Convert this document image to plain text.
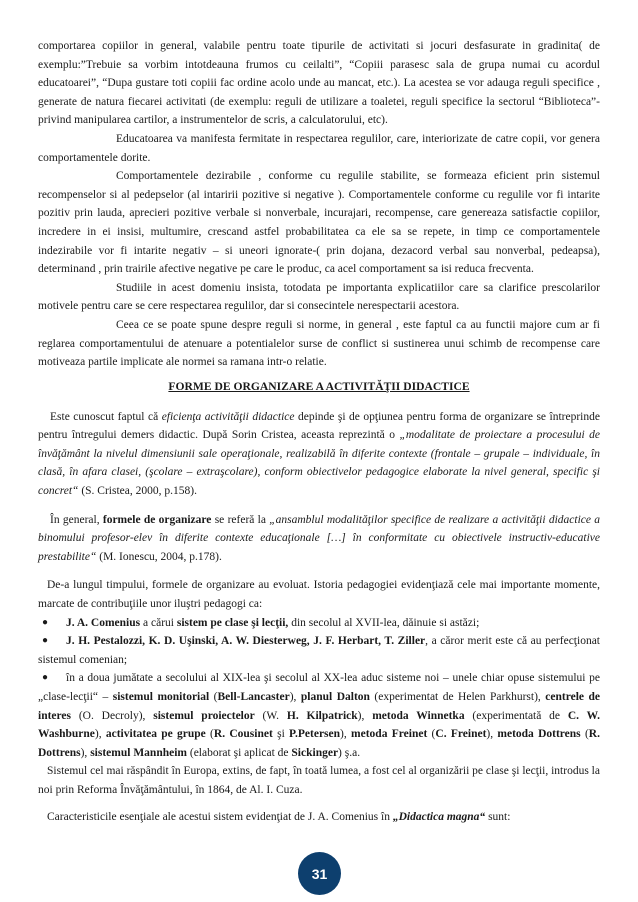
comportarea copiilor in general, valabile pentru toate tipurile de activitati si jocuri desfasurate in gradinita( de exemplu:”Trebuie sa vorbim intotdeauna frumos cu ceilalti”, “Copiii parasesc sala de grupa numai cu acordul educatoarei”, “Dupa gustare toti copiii fac ordine acolo unde au mancat, etc.). La acestea se vor adauga reguli specifice , generate de natura fiecarei activitati (de exemplu: reguli de utilizare a toaletei, reguli specifice la sectorul “Biblioteca”-privind manipularea cartilor, a instrumentelor de scris, a calculatorului, etc).

Educatoarea va manifesta fermitate in respectarea regulilor, care, interiorizate de catre copii, vor genera comportamentele dorite.

Comportamentele dezirabile , conforme cu regulile stabilite, se formeaza eficient prin sistemul recompenselor si al pedepselor (al intaririi pozitive si negative ). Comportamentele conforme cu regulile vor fi intarite pozitiv prin lauda, aprecieri pozitive verbale si nonverbale, incurajari, recompense, care genereaza satisfactie copiilor, incredere in ei insisi, multumire, crescand astfel probabilitatea ca ele sa se repete, in timp ce comportamentele indezirabile vor fi intarite negativ – si uneori ignorate-( prin dojana, dezacord verbal sau nonverbal, pedeapsa), determinand , prin trairile afective negative pe care le produc, ca acel comportament sa isi reduca frecventa.

Studiile in acest domeniu insista, totodata pe importanta explicatiilor care sa clarifice prescolarilor motivele pentru care se cere respectarea regulilor, dar si consecintele nerespectarii acestora.

Ceea ce se poate spune despre reguli si norme, in general , este faptul ca au functii majore cum ar fi reglarea comportamentului de atenuare a potentialelor surse de conflict si sustinerea unui schimb de recompense care motiveaza partile implicate ale normei sa ramana intr-o relatie.

FORME DE ORGANIZARE A ACTIVITĂŢII DIDACTICE

Este cunoscut faptul că eficienţa activităţii didactice depinde şi de opţiunea pentru forma de organizare se întreprinde pentru întregului demers didactic. După Sorin Cristea, aceasta reprezintă o „modalitate de proiectare a procesului de învăţământ la nivelul dimensiunii sale operaţionale, realizabilă în diferite contexte (frontale – grupale – individuale, în clasă, în afara clasei, (şcolare – extraşcolare), conform obiectivelor pedagogice elaborate la nivel general, specific şi concret“ (S. Cristea, 2000, p.158).

În general, formele de organizare se referă la „ansamblul modalităţilor specifice de realizare a activităţii didactice a binomului profesor-elev în diferite contexte educaţionale […] în conformitate cu obiectivele instructiv-educative prestabilite“ (M. Ionescu, 2004, p.178).

De-a lungul timpului, formele de organizare au evoluat. Istoria pedagogiei evidenţiază cele mai importante momente, marcate de contribuţiile unor iluştri pedagogi ca:

● J. A. Comenius a cărui sistem pe clase şi lecţii, din secolul al XVII-lea, dăinuie si astăzi;

● J. H. Pestalozzi, K. D. Uşinski, A. W. Diesterweg, J. F. Herbart, T. Ziller, a căror merit este că au perfecţionat sistemul comenian;

● în a doua jumătate a secolului al XIX-lea şi secolul al XX-lea aduc sisteme noi – unele chiar opuse sistemului pe „clase-lecţii“ – sistemul monitorial (Bell-Lancaster), planul Dalton (experimentat de Helen Parkhurst), centrele de interes (O. Decroly), sistemul proiectelor (W. H. Kilpatrick), metoda Winnetka (experimentată de C. W. Washburne), activitatea pe grupe (R. Cousinet şi P.Petersen), metoda Freinet (C. Freinet), metoda Dottrens (R. Dottrens), sistemul Mannheim (elaborat şi aplicat de Sickinger) ş.a.

Sistemul cel mai răspândit în Europa, extins, de fapt, în toată lumea, a fost cel al organizării pe clase şi lecţii, introdus la noi prin Reforma Învăţământului, în 1864, de Al. I. Cuza.

Caracteristicile esenţiale ale acestui sistem evidenţiat de J. A. Comenius în „Didactica magna“ sunt:

31
